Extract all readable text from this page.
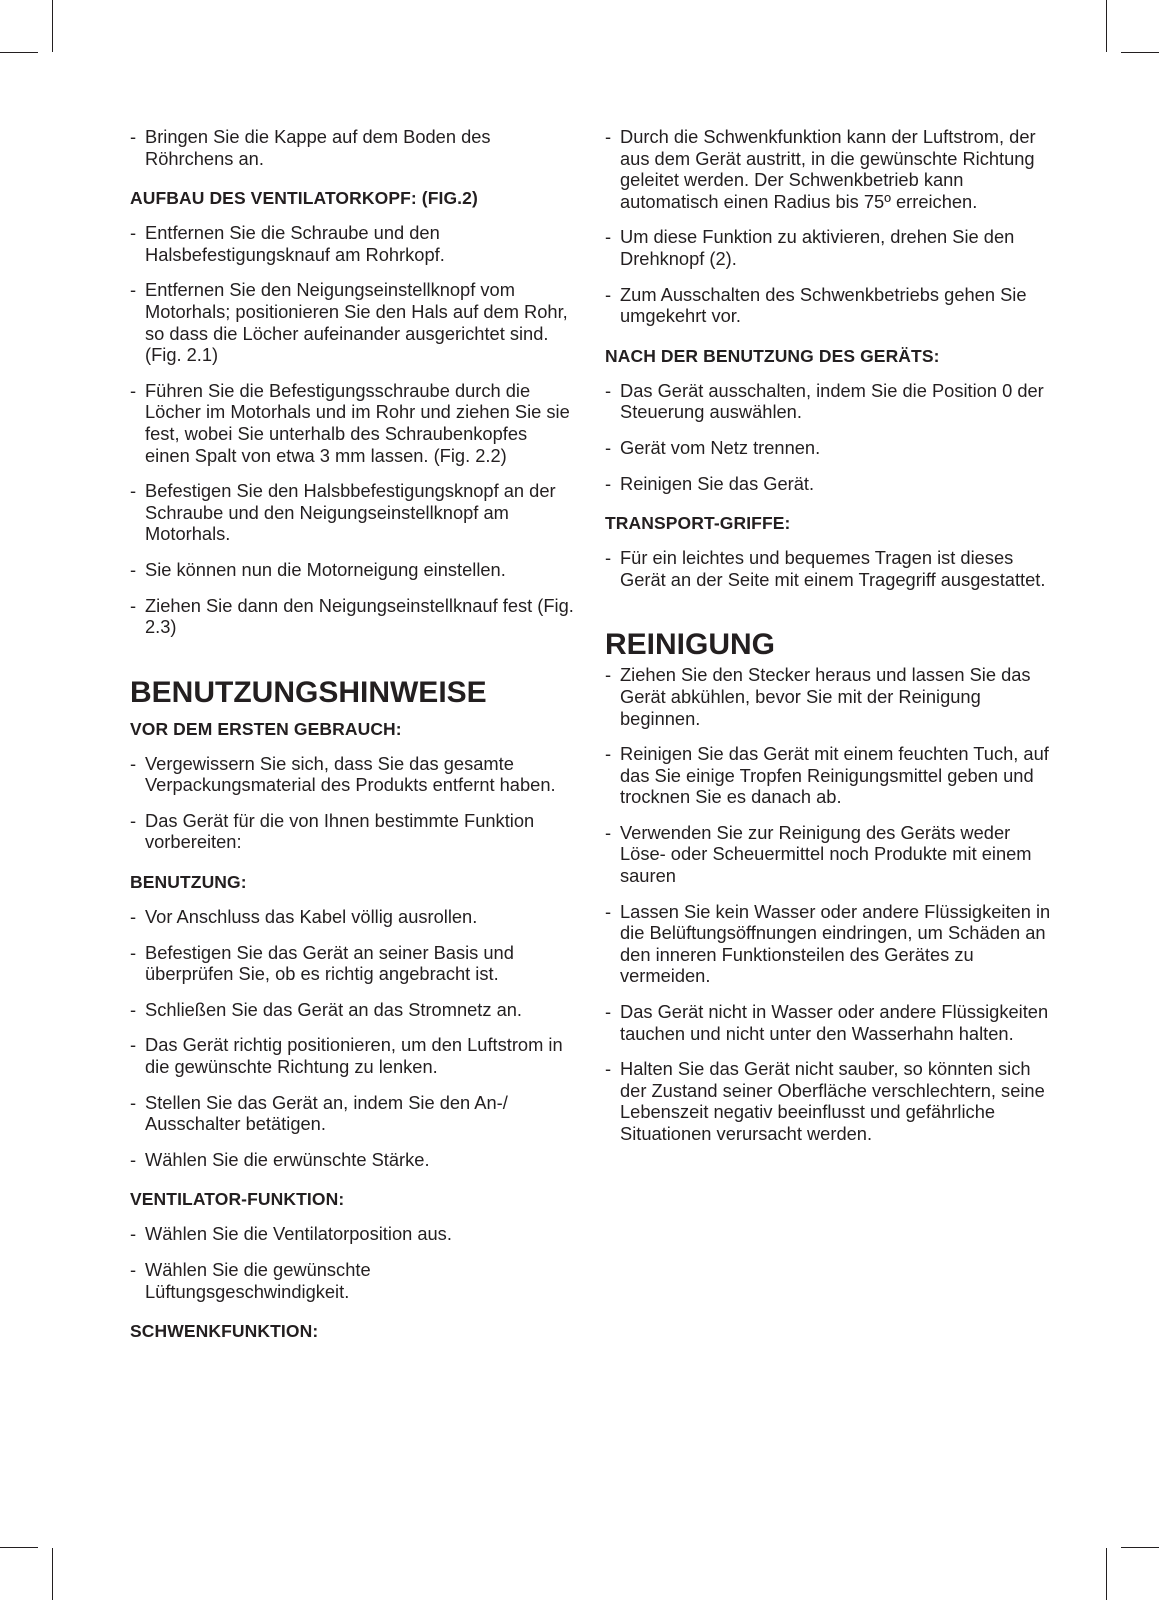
- Bringen Sie die Kappe auf dem Boden des Röhrchens an.
AUFBAU DES VENTILATORKOPF: (FIG.2)
- Entfernen Sie die Schraube und den Halsbefestigungsknauf am Rohrkopf.
- Entfernen Sie den Neigungseinstellknopf vom Motorhals; positionieren Sie den Hals auf dem Rohr, so dass die Löcher aufeinander ausgerichtet sind. (Fig. 2.1)
- Führen Sie die Befestigungsschraube durch die Löcher im Motorhals und im Rohr und ziehen Sie sie fest, wobei Sie unterhalb des Schraubenkopfes einen Spalt von etwa 3 mm lassen. (Fig. 2.2)
- Befestigen Sie den Halsbbefestigungsknopf an der Schraube und den Neigungseinstellknopf am Motorhals.
- Sie können nun die Motorneigung einstellen.
- Ziehen Sie dann den Neigungseinstellknauf fest (Fig. 2.3)
BENUTZUNGSHINWEISE
VOR DEM ERSTEN GEBRAUCH:
- Vergewissern Sie sich, dass Sie das gesamte Verpackungsmaterial des Produkts entfernt haben.
- Das Gerät für die von Ihnen bestimmte Funktion vorbereiten:
BENUTZUNG:
- Vor Anschluss das Kabel völlig ausrollen.
- Befestigen Sie das Gerät an seiner Basis und überprüfen Sie, ob es richtig angebracht ist.
- Schließen Sie das Gerät an das Stromnetz an.
- Das Gerät richtig positionieren, um den Luftstrom in die gewünschte Richtung zu lenken.
- Stellen Sie das Gerät an, indem Sie den An-/ Ausschalter betätigen.
- Wählen Sie die erwünschte Stärke.
VENTILATOR-FUNKTION:
- Wählen Sie die Ventilatorposition aus.
- Wählen Sie die gewünschte Lüftungsgeschwindigkeit.
SCHWENKFUNKTION:
- Durch die Schwenkfunktion kann der Luftstrom, der aus dem Gerät austritt, in die gewünschte Richtung geleitet werden. Der Schwenkbetrieb kann automatisch einen Radius bis 75º erreichen.
- Um diese Funktion zu aktivieren, drehen Sie den Drehknopf (2).
- Zum Ausschalten des Schwenkbetriebs gehen Sie umgekehrt vor.
NACH DER BENUTZUNG DES GERÄTS:
- Das Gerät ausschalten, indem Sie die Position 0 der Steuerung auswählen.
- Gerät vom Netz trennen.
- Reinigen Sie das Gerät.
TRANSPORT-GRIFFE:
- Für ein leichtes und bequemes Tragen ist dieses Gerät an der Seite mit einem Tragegriff ausgestattet.
REINIGUNG
- Ziehen Sie den Stecker heraus und lassen Sie das Gerät abkühlen, bevor Sie mit der Reinigung beginnen.
- Reinigen Sie das Gerät mit einem feuchten Tuch, auf das Sie einige Tropfen Reinigungsmittel geben und trocknen Sie es danach ab.
- Verwenden Sie zur Reinigung des Geräts weder Löse- oder Scheuermittel noch Produkte mit einem sauren
- Lassen Sie kein Wasser oder andere Flüssigkeiten in die Belüftungsöffnungen eindringen, um Schäden an den inneren Funktionsteilen des Gerätes zu vermeiden.
- Das Gerät nicht in Wasser oder andere Flüssigkeiten tauchen und nicht unter den Wasserhahn halten.
- Halten Sie das Gerät nicht sauber, so könnten sich der Zustand seiner Oberfläche verschlechtern, seine Lebenszeit negativ beeinflusst und gefährliche Situationen verursacht werden.
